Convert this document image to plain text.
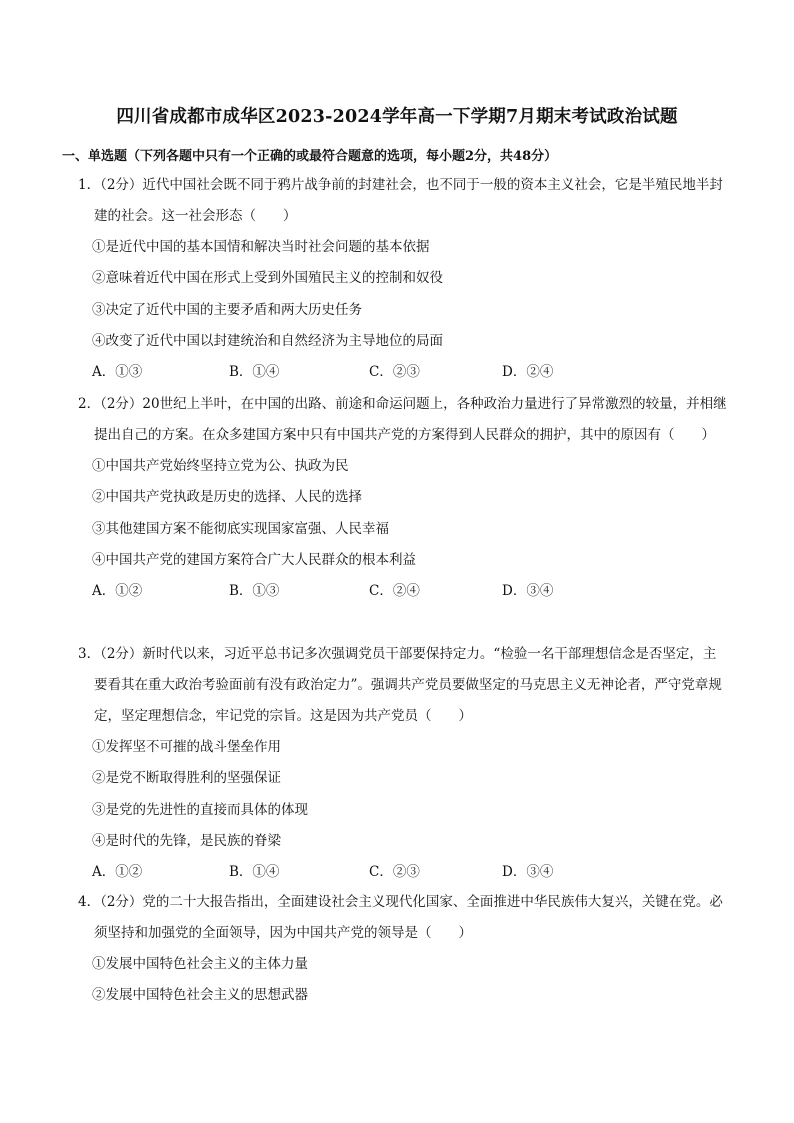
四川省成都市成华区2023-2024学年高一下学期7月期末考试政治试题
一、单选题（下列各题中只有一个正确的或最符合题意的选项，每小题2分，共48分）
1．（2分）近代中国社会既不同于鸦片战争前的封建社会，也不同于一般的资本主义社会，它是半殖民地半封建的社会。这一社会形态（　　）
①是近代中国的基本国情和解决当时社会问题的基本依据
②意味着近代中国在形式上受到外国殖民主义的控制和奴役
③决定了近代中国的主要矛盾和两大历史任务
④改变了近代中国以封建统治和自然经济为主导地位的局面
A．①③	B．①④	C．②③	D．②④
2．（2分）20世纪上半叶，在中国的出路、前途和命运问题上，各种政治力量进行了异常激烈的较量，并相继提出自己的方案。在众多建国方案中只有中国共产党的方案得到人民群众的拥护，其中的原因有（　　）
①中国共产党始终坚持立党为公、执政为民
②中国共产党执政是历史的选择、人民的选择
③其他建国方案不能彻底实现国家富强、人民幸福
④中国共产党的建国方案符合广大人民群众的根本利益
A．①②	B．①③	C．②④	D．③④
3．（2分）新时代以来，习近平总书记多次强调党员干部要保持定力。“检验一名干部理想信念是否坚定，主要看其在重大政治考验面前有没有政治定力”。强调共产党员要做坚定的马克思主义无神论者，严守党章规定，坚定理想信念，牢记党的宗旨。这是因为共产党员（　　）
①发挥坚不可摧的战斗堡垒作用
②是党不断取得胜利的坚强保证
③是党的先进性的直接而具体的体现
④是时代的先锋，是民族的脊梁
A．①②	B．①④	C．②③	D．③④
4．（2分）党的二十大报告指出，全面建设社会主义现代化国家、全面推进中华民族伟大复兴，关键在党。必须坚持和加强党的全面领导，因为中国共产党的领导是（　　）
①发展中国特色社会主义的主体力量
②发展中国特色社会主义的思想武器
